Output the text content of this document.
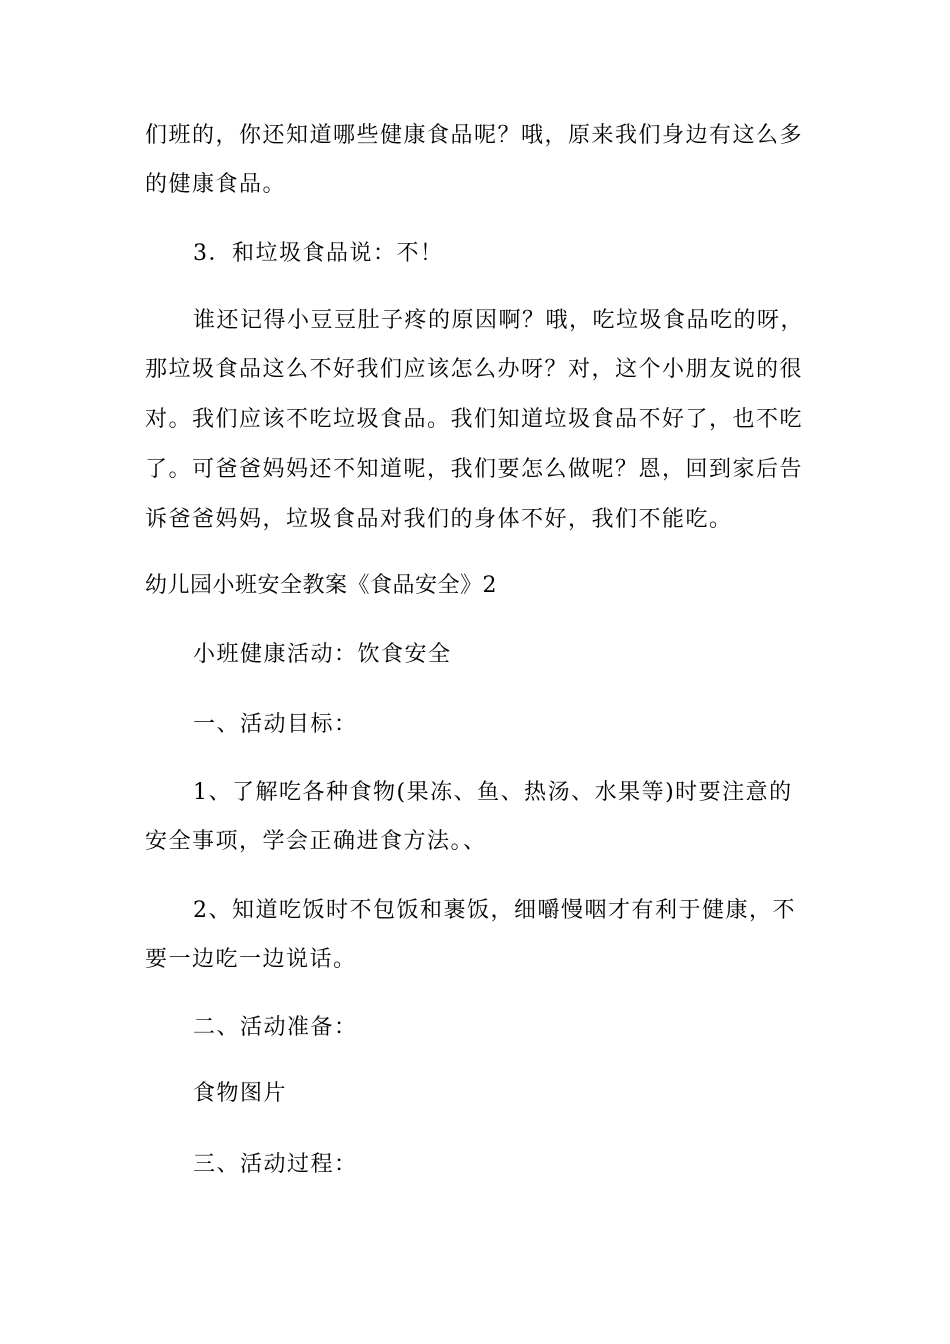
们班的，你还知道哪些健康食品呢？哦，原来我们身边有这么多
的健康食品。
3．和垃圾食品说：不！
谁还记得小豆豆肚子疼的原因啊？哦，吃垃圾食品吃的呀，
那垃圾食品这么不好我们应该怎么办呀？对，这个小朋友说的很
对。我们应该不吃垃圾食品。我们知道垃圾食品不好了，也不吃
了。可爸爸妈妈还不知道呢，我们要怎么做呢？恩，回到家后告
诉爸爸妈妈，垃圾食品对我们的身体不好，我们不能吃。
幼儿园小班安全教案《食品安全》2
小班健康活动：饮食安全
一、活动目标：
1、了解吃各种食物(果冻、鱼、热汤、水果等)时要注意的
安全事项，学会正确进食方法。、
2、知道吃饭时不包饭和裹饭，细嚼慢咽才有利于健康，不
要一边吃一边说话。
二、活动准备：
食物图片
三、活动过程：
